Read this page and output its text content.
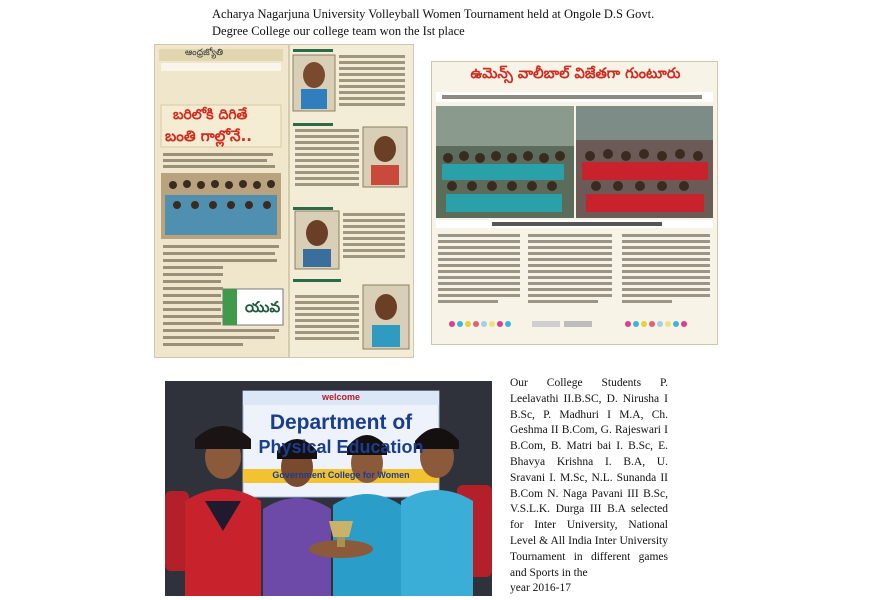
Acharya Nagarjuna University Volleyball Women Tournament held at Ongole D.S Govt.
Degree College our college team won the Ist place
ఆంధ్రజ్యోతి
బరిలోకి దిగితే
బంతి గాల్లోనే..
యువ
ఉమెన్స్ వాలీబాల్ విజేతగా గుంటూరు
welcome
Department of
Physical Education
Government College for Women
Our College Students P. Leelavathi II.B.SC, D. Nirusha I B.Sc, P. Madhuri I M.A, Ch. Geshma II B.Com, G. Rajeswari I B.Com, B. Matri bai I. B.Sc, E. Bhavya Krishna I. B.A, U. Sravani I. M.Sc, N.L. Sunanda II B.Com N. Naga Pavani III B.Sc, V.S.L.K. Durga III B.A selected for Inter University, National Level & All India Inter University Tournament in different games and Sports in the
year 2016-17
